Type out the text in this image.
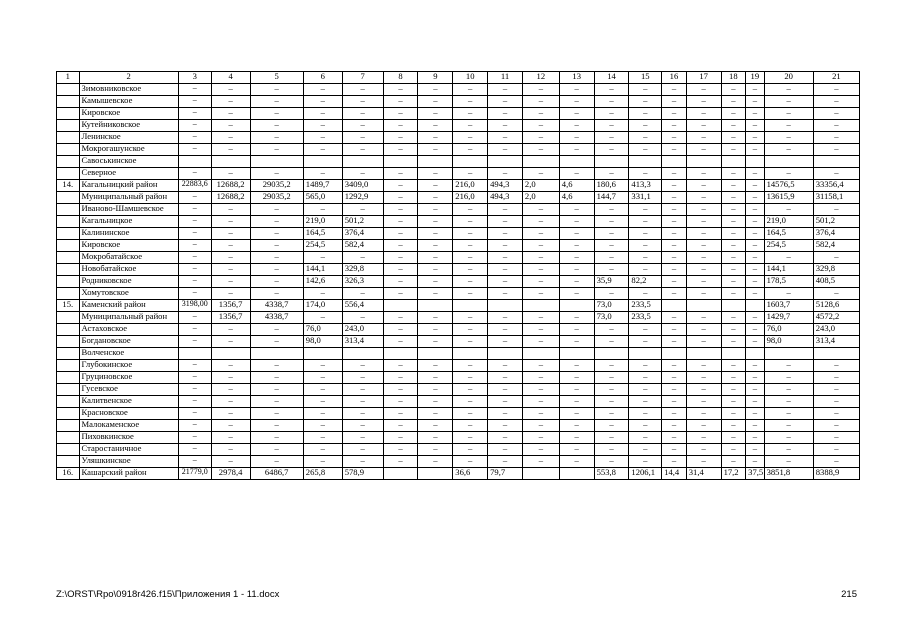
1	2	3	4	5	6	7	8	9	10	11	12	13	14	15	16	17	18	19	20	21
	Зимовниковское	–	–	–	–	–	–	–	–	–	–	–	–	–	–	–	–	–	–	–
	Камышевское	–	–	–	–	–	–	–	–	–	–	–	–	–	–	–	–	–	–	–
	Кировское	–	–	–	–	–	–	–	–	–	–	–	–	–	–	–	–	–	–	–
	Кутейниковское	–	–	–	–	–	–	–	–	–	–	–	–	–	–	–	–	–	–	–
	Ленинское	–	–	–	–	–	–	–	–	–	–	–	–	–	–	–	–	–	–	–
	Мокрогашунское	–	–	–	–	–	–	–	–	–	–	–	–	–	–	–	–	–	–	–
	Савоськинское																			
	Северное	–	–	–	–	–	–	–	–	–	–	–	–	–	–	–	–	–	–	–
14.	Кагальницкий район	22883,6	12688,2	29035,2	1489,7	3409,0	–	–	216,0	494,3	2,0	4,6	180,6	413,3	–	–	–	–	14576,5	33356,4
	Муниципальный район	–	12688,2	29035,2	565,0	1292,9	–	–	216,0	494,3	2,0	4,6	144,7	331,1	–	–	–	–	13615,9	31158,1
	Иваново-Шамшевское	–	–	–	–	–	–	–	–	–	–	–	–	–	–	–	–	–	–	–
	Кагальницкое	–	–	–	219,0	501,2	–	–	–	–	–	–	–	–	–	–	–	–	219,0	501,2
	Калининское	–	–	–	164,5	376,4	–	–	–	–	–	–	–	–	–	–	–	–	164,5	376,4
	Кировское	–	–	–	254,5	582,4	–	–	–	–	–	–	–	–	–	–	–	–	254,5	582,4
	Мокробатайское	–	–	–	–	–	–	–	–	–	–	–	–	–	–	–	–	–	–	–
	Новобатайское	–	–	–	144,1	329,8	–	–	–	–	–	–	–	–	–	–	–	–	144,1	329,8
	Родниковское	–	–	–	142,6	326,3	–	–	–	–	–	–	35,9	82,2	–	–	–	–	178,5	408,5
	Хомутовское	–	–	–	–	–	–	–	–	–	–	–	–	–	–	–	–	–	–	–
15.	Каменский район	3198,00	1356,7	4338,7	174,0	556,4							73,0	233,5					1603,7	5128,6
	Муниципальный район	–	1356,7	4338,7	–	–	–	–	–	–	–	–	73,0	233,5	–	–	–	–	1429,7	4572,2
	Астаховское	–	–	–	76,0	243,0	–	–	–	–	–	–	–	–	–	–	–	–	76,0	243,0
	Богдановское	–	–	–	98,0	313,4	–	–	–	–	–	–	–	–	–	–	–	–	98,0	313,4
	Волченское																			
	Глубокинское	–	–	–	–	–	–	–	–	–	–	–	–	–	–	–	–	–	–	–
	Груциновское	–	–	–	–	–	–	–	–	–	–	–	–	–	–	–	–	–	–	–
	Гусевское	–	–	–	–	–	–	–	–	–	–	–	–	–	–	–	–	–	–	–
	Калитвенское	–	–	–	–	–	–	–	–	–	–	–	–	–	–	–	–	–	–	–
	Красновское	–	–	–	–	–	–	–	–	–	–	–	–	–	–	–	–	–	–	–
	Малокаменское	–	–	–	–	–	–	–	–	–	–	–	–	–	–	–	–	–	–	–
	Пиховкинское	–	–	–	–	–	–	–	–	–	–	–	–	–	–	–	–	–	–	–
	Старостаничное	–	–	–	–	–	–	–	–	–	–	–	–	–	–	–	–	–	–	–
	Уляшкинское	–	–	–	–	–	–	–	–	–	–	–	–	–	–	–	–	–	–	–
16.	Кашарский район	21779,0	2978,4	6486,7	265,8	578,9			36,6	79,7			553,8	1206,1	14,4	31,4	17,2	37,5	3851,8	8388,9
Z:\ORST\Rpo\0918r426.f15\Приложения 1 - 11.docx	215
